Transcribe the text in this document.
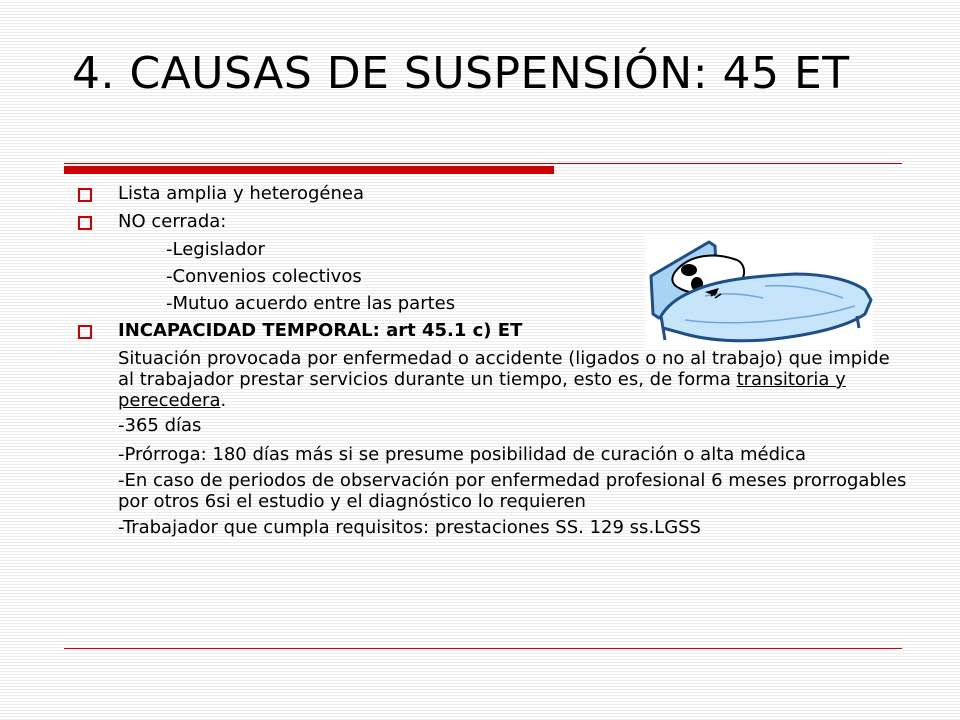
4. CAUSAS DE SUSPENSIÓN: 45 ET

Lista amplia y heterogénea

NO cerrada:

-Legislador

-Convenios colectivos

-Mutuo acuerdo entre las partes

INCAPACIDAD TEMPORAL: art 45.1 c) ET

Situación provocada por enfermedad o accidente (ligados o no al trabajo) que impide al trabajador prestar servicios durante un tiempo, esto es, de forma transitoria y perecedera.

-365 días

-Prórroga: 180 días más si se presume posibilidad de curación o alta médica

-En caso de periodos de observación por enfermedad profesional 6 meses prorrogables por otros 6si el estudio y el diagnóstico lo requieren

-Trabajador que cumpla requisitos: prestaciones SS. 129 ss.LGSS
